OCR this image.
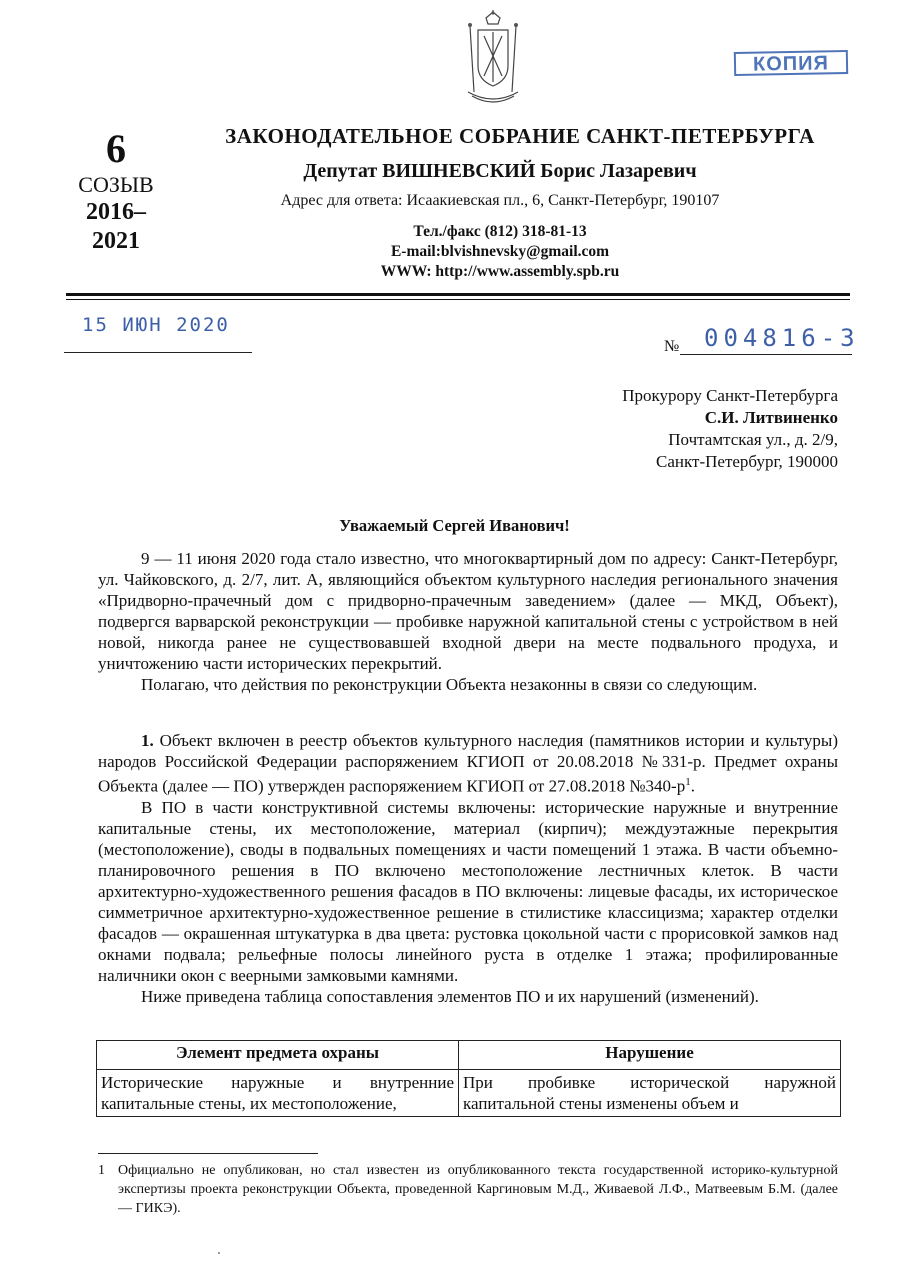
КОПИЯ
6
СОЗЫВ
2016–
2021
ЗАКОНОДАТЕЛЬНОЕ СОБРАНИЕ САНКТ-ПЕТЕРБУРГА
Депутат ВИШНЕВСКИЙ Борис Лазаревич
Адрес для ответа: Исаакиевская пл., 6, Санкт-Петербург, 190107
Тел./факс (812) 318-81-13
E-mail:blvishnevsky@gmail.com
WWW: http://www.assembly.spb.ru
15 ИЮН 2020
№ 004816-3
Прокурору Санкт-Петербурга
С.И. Литвиненко
Почтамтская ул., д. 2/9,
Санкт-Петербург, 190000
Уважаемый Сергей Иванович!

9 — 11 июня 2020 года стало известно, что многоквартирный дом по адресу: Санкт-Петербург, ул. Чайковского, д. 2/7, лит. А, являющийся объектом культурного наследия регионального значения «Придворно-прачечный дом с придворно-прачечным заведением» (далее — МКД, Объект), подвергся варварской реконструкции — пробивке наружной капитальной стены с устройством в ней новой, никогда ранее не существовавшей входной двери на месте подвального продуха, и уничтожению части исторических перекрытий.

Полагаю, что действия по реконструкции Объекта незаконны в связи со следующим.

1. Объект включен в реестр объектов культурного наследия (памятников истории и культуры) народов Российской Федерации распоряжением КГИОП от 20.08.2018 №331-р. Предмет охраны Объекта (далее — ПО) утвержден распоряжением КГИОП от 27.08.2018 $№340-р^1$.

В ПО в части конструктивной системы включены: исторические наружные и внутренние капитальные стены, их местоположение, материал (кирпич); междуэтажные перекрытия (местоположение), своды в подвальных помещениях и части помещений 1 этажа. В части объемно-планировочного решения в ПО включено местоположение лестничных клеток. В части архитектурно-художественного решения фасадов в ПО включены: лицевые фасады, их историческое симметричное архитектурно-художественное решение в стилистике классицизма; характер отделки фасадов — окрашенная штукатурка в два цвета: рустовка цокольной части с прорисовкой замков над окнами подвала; рельефные полосы линейного руста в отделке 1 этажа; профилированные наличники окон с веерными замковыми камнями.

Ниже приведена таблица сопоставления элементов ПО и их нарушений (изменений).

Элемент предмета охраны	Нарушение
Исторические наружные и внутренние капитальные стены, их местоположение,	При пробивке исторической наружной капитальной стены изменены объем и
1 Официально не опубликован, но стал известен из опубликованного текста государственной историко-культурной экспертизы проекта реконструкции Объекта, проведенной Каргиновым М.Д., Живаевой Л.Ф., Матвеевым Б.М. (далее — ГИКЭ).
